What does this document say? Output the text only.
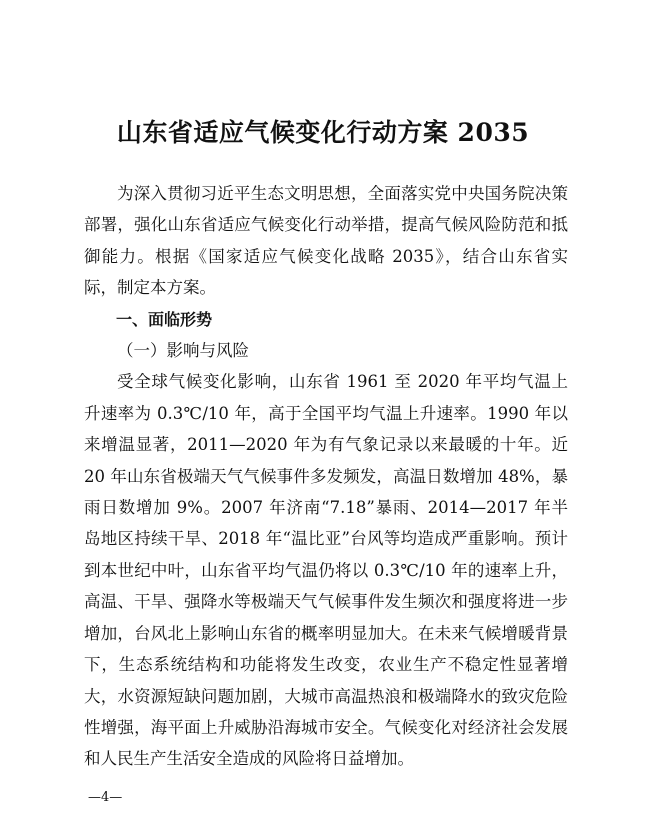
山东省适应气候变化行动方案 2035

为深入贯彻习近平生态文明思想，全面落实党中央国务院决策部署，强化山东省适应气候变化行动举措，提高气候风险防范和抵御能力。根据《国家适应气候变化战略 2035》，结合山东省实际，制定本方案。

一、面临形势

（一）影响与风险

受全球气候变化影响，山东省 1961 至 2020 年平均气温上升速率为 0.3℃/10 年，高于全国平均气温上升速率。1990 年以来增温显著，2011—2020 年为有气象记录以来最暖的十年。近 20 年山东省极端天气气候事件多发频发，高温日数增加 48%，暴雨日数增加 9%。2007 年济南“7.18”暴雨、2014—2017 年半岛地区持续干旱、2018 年“温比亚”台风等均造成严重影响。预计到本世纪中叶，山东省平均气温仍将以 0.3℃/10 年的速率上升，高温、干旱、强降水等极端天气气候事件发生频次和强度将进一步增加，台风北上影响山东省的概率明显加大。在未来气候增暖背景下，生态系统结构和功能将发生改变，农业生产不稳定性显著增大，水资源短缺问题加剧，大城市高温热浪和极端降水的致灾危险性增强，海平面上升威胁沿海城市安全。气候变化对经济社会发展和人民生产生活安全造成的风险将日益增加。

—4—
